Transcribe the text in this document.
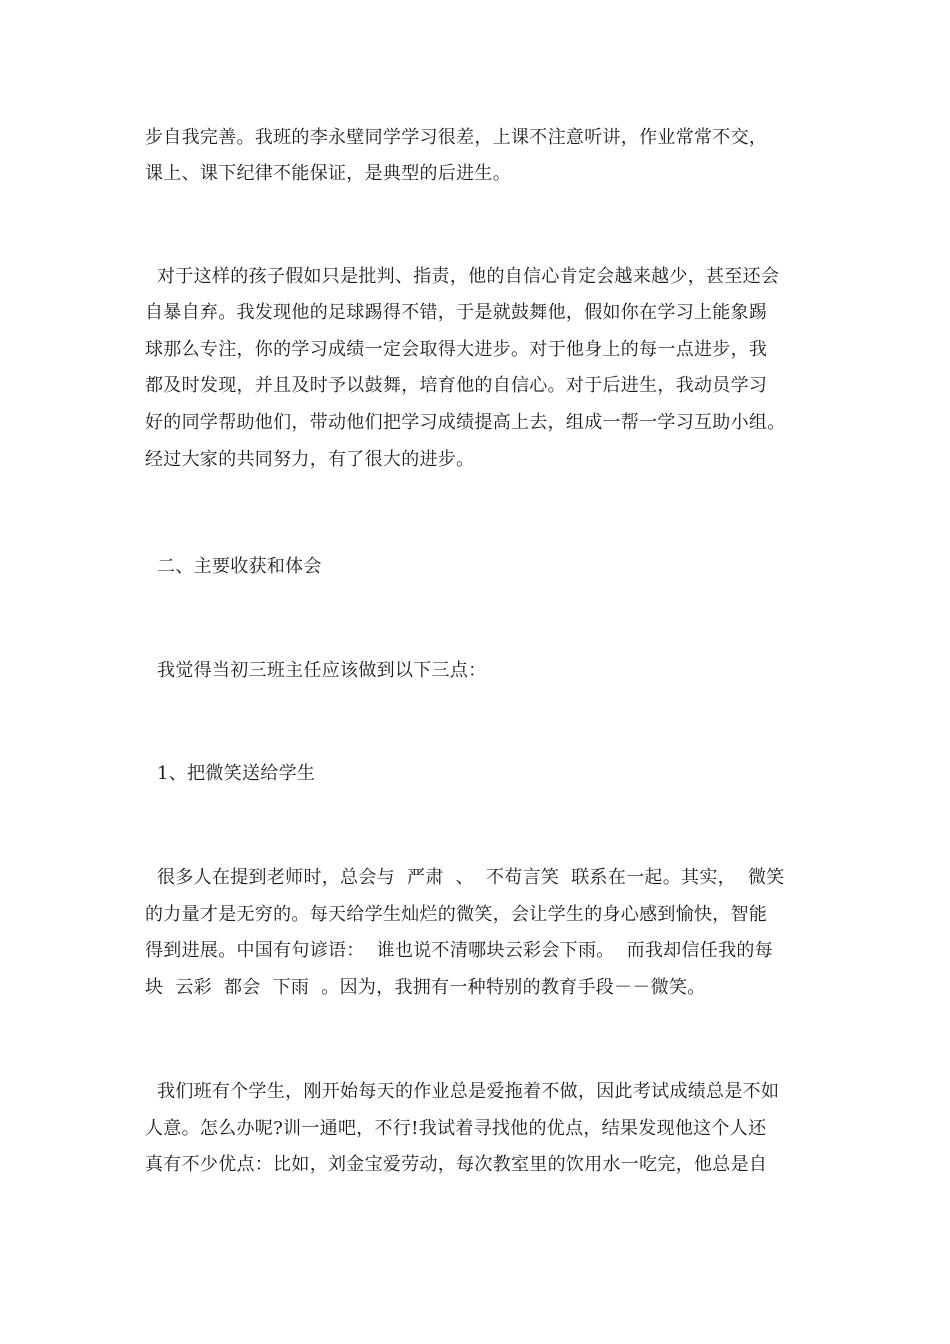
步自我完善。我班的李永壁同学学习很差，上课不注意听讲，作业常常不交，
课上、课下纪律不能保证，是典型的后进生。
对于这样的孩子假如只是批判、指责，他的自信心肯定会越来越少，甚至还会
自暴自弃。我发现他的足球踢得不错，于是就鼓舞他，假如你在学习上能象踢
球那么专注，你的学习成绩一定会取得大进步。对于他身上的每一点进步，我
都及时发现，并且及时予以鼓舞，培育他的自信心。对于后进生，我动员学习
好的同学帮助他们，带动他们把学习成绩提高上去，组成一帮一学习互助小组。
经过大家的共同努力，有了很大的进步。
二、主要收获和体会
我觉得当初三班主任应该做到以下三点：
1、把微笑送给学生
很多人在提到老师时，总会与  严肃  、  不苟言笑  联系在一起。其实，  微笑
的力量才是无穷的。每天给学生灿烂的微笑，会让学生的身心感到愉快，智能
得到进展。中国有句谚语：  谁也说不清哪块云彩会下雨。  而我却信任我的每
块  云彩  都会  下雨  。因为，我拥有一种特别的教育手段－－微笑。
我们班有个学生，刚开始每天的作业总是爱拖着不做，因此考试成绩总是不如
人意。怎么办呢?训一通吧，不行!我试着寻找他的优点，结果发现他这个人还
真有不少优点：比如，刘金宝爱劳动，每次教室里的饮用水一吃完，他总是自
